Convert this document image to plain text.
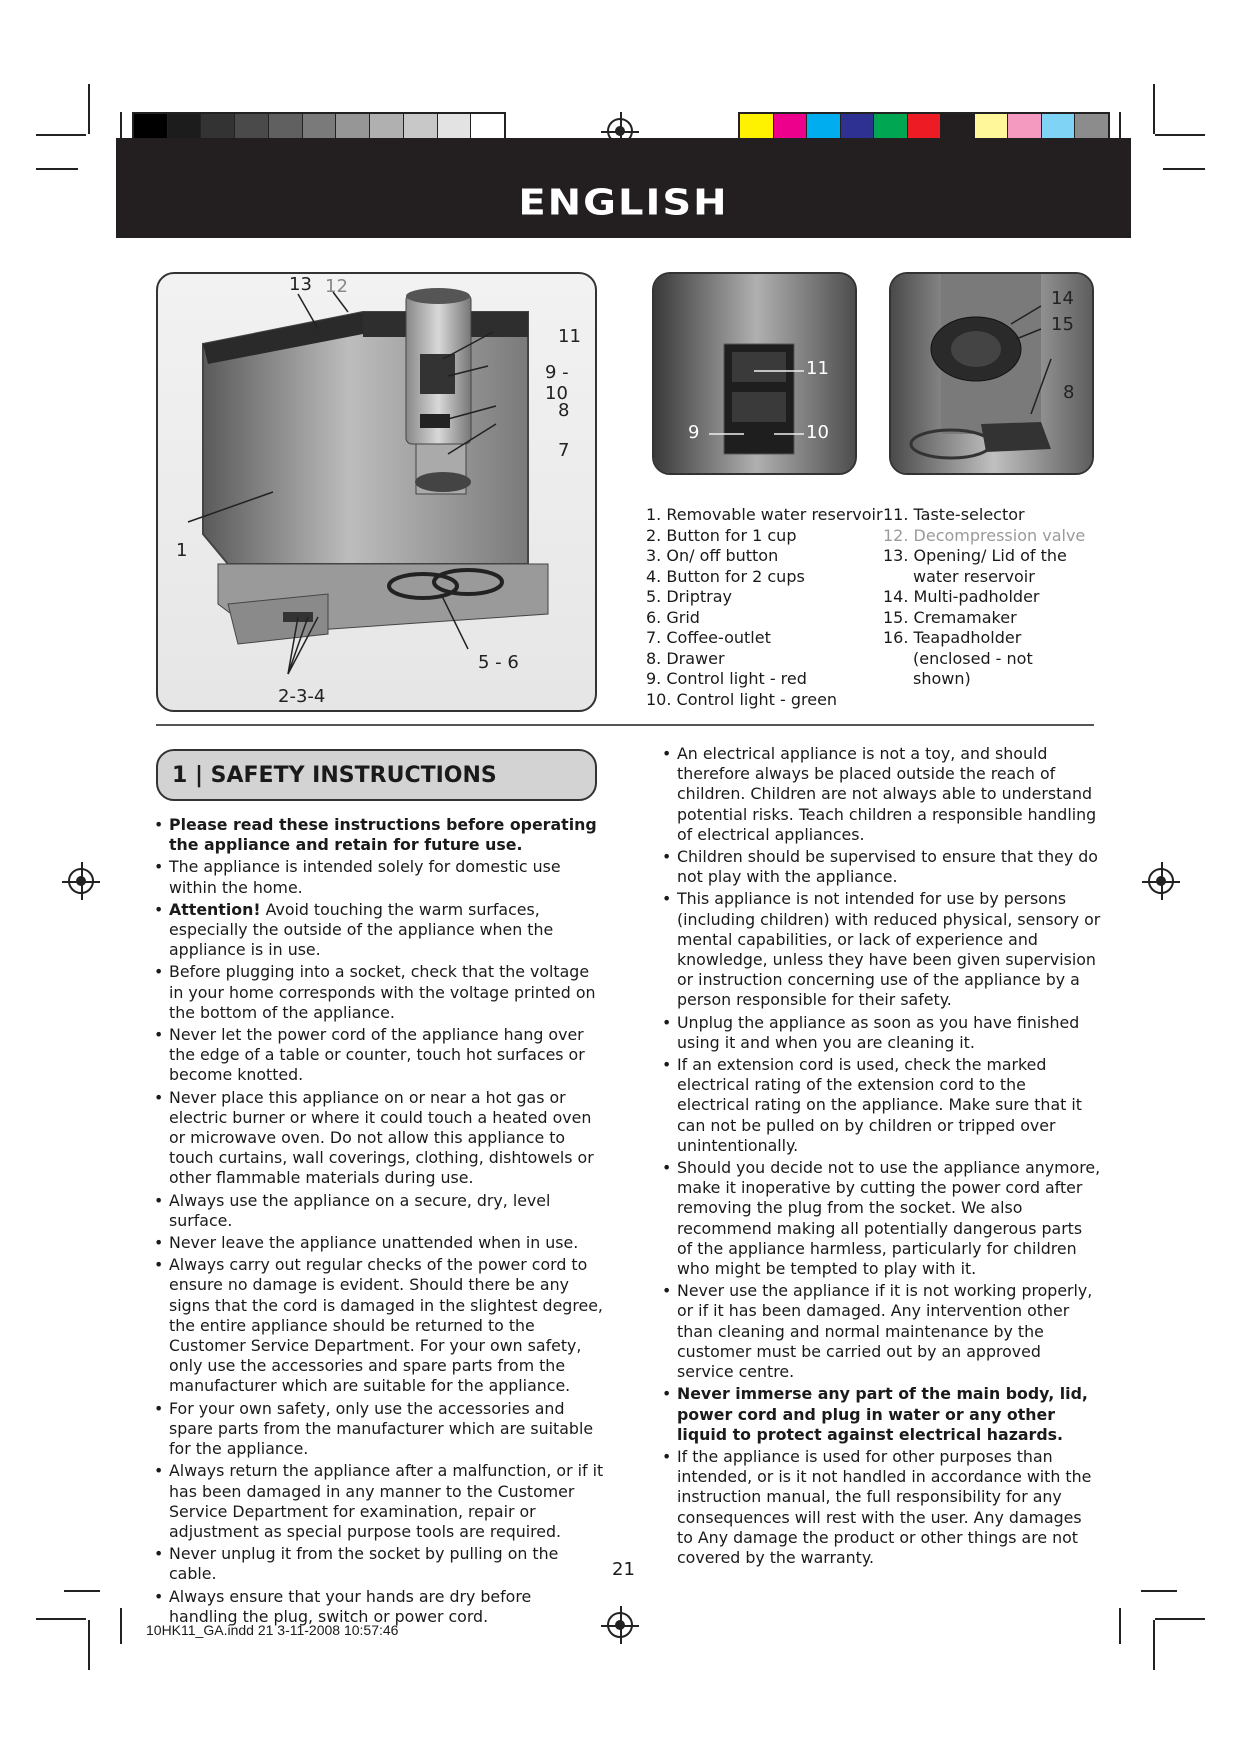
ENGLISH
13 12
11
9 - 10
8
7
1
5 - 6
2-3-4
11
9	10
14
15
8
1. Removable water reservoir
2. Button for 1 cup
3. On/ off button
4. Button for 2 cups
5. Driptray
6. Grid
7. Coffee-outlet
8. Drawer
9. Control light - red
10. Control light - green
11. Taste-selector
12. Decompression valve
13. Opening/ Lid of the
water reservoir
14. Multi-padholder
15. Cremamaker
16. Teapadholder
(enclosed - not
shown)
1 | SAFETY INSTRUCTIONS
• Please read these instructions before operating the appliance and retain for future use.
• The appliance is intended solely for domestic use within the home.
• Attention! Avoid touching the warm surfaces, especially the outside of the appliance when the appliance is in use.
• Before plugging into a socket, check that the voltage in your home corresponds with the voltage printed on the bottom of the appliance.
• Never let the power cord of the appliance hang over the edge of a table or counter, touch hot surfaces or become knotted.
• Never place this appliance on or near a hot gas or electric burner or where it could touch a heated oven or microwave oven. Do not allow this appliance to touch curtains, wall coverings, clothing, dishtowels or other flammable materials during use.
• Always use the appliance on a secure, dry, level surface.
• Never leave the appliance unattended when in use.
• Always carry out regular checks of the power cord to ensure no damage is evident. Should there be any signs that the cord is damaged in the slightest degree, the entire appliance should be returned to the Customer Service Department. For your own safety, only use the accessories and spare parts from the manufacturer which are suitable for the appliance.
• For your own safety, only use the accessories and spare parts from the manufacturer which are suitable for the appliance.
• Always return the appliance after a malfunction, or if it has been damaged in any manner to the Customer Service Department for examination, repair or adjustment as special purpose tools are required.
• Never unplug it from the socket by pulling on the cable.
• Always ensure that your hands are dry before handling the plug, switch or power cord.
• An electrical appliance is not a toy, and should therefore always be placed outside the reach of children. Children are not always able to understand potential risks. Teach children a responsible handling of electrical appliances.
• Children should be supervised to ensure that they do not play with the appliance.
• This appliance is not intended for use by persons (including children) with reduced physical, sensory or mental capabilities, or lack of experience and knowledge, unless they have been given supervision or instruction concerning use of the appliance by a person responsible for their safety.
• Unplug the appliance as soon as you have finished using it and when you are cleaning it.
• If an extension cord is used, check the marked electrical rating of the extension cord to the electrical rating on the appliance. Make sure that it can not be pulled on by children or tripped over unintentionally.
• Should you decide not to use the appliance anymore, make it inoperative by cutting the power cord after removing the plug from the socket. We also recommend making all potentially dangerous parts of the appliance harmless, particularly for children who might be tempted to play with it.
• Never use the appliance if it is not working properly, or if it has been damaged. Any intervention other than cleaning and normal maintenance by the customer must be carried out by an approved service centre.
• Never immerse any part of the main body, lid, power cord and plug in water or any other liquid to protect against electrical hazards.
• If the appliance is used for other purposes than intended, or is it not handled in accordance with the instruction manual, the full responsibility for any consequences will rest with the user. Any damages to Any damage the product or other things are not covered by the warranty.
21
10HK11_GA.indd 21 3-11-2008 10:57:46
